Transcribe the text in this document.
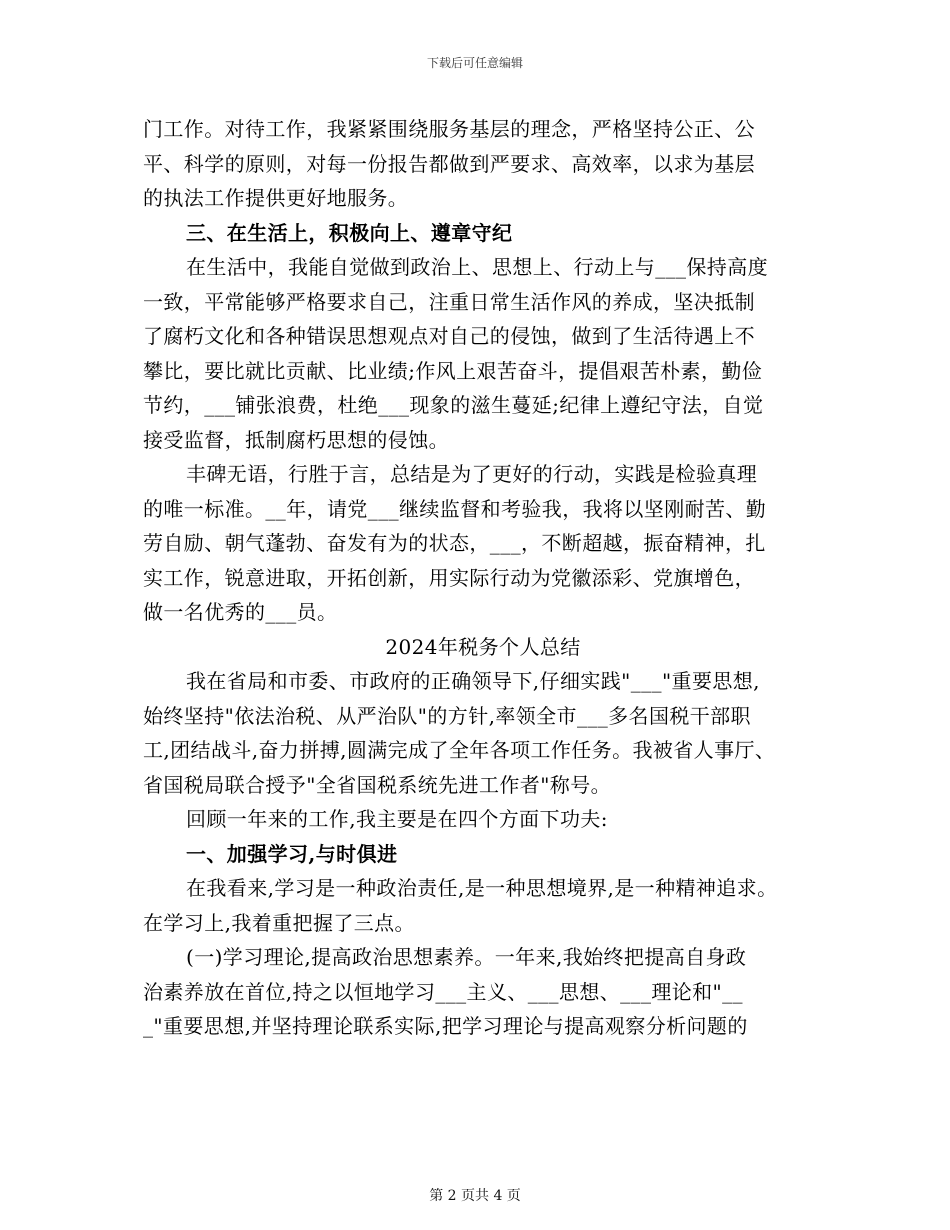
下载后可任意编辑
门工作。对待工作，我紧紧围绕服务基层的理念，严格坚持公正、公
平、科学的原则，对每一份报告都做到严要求、高效率，以求为基层
的执法工作提供更好地服务。
三、在生活上，积极向上、遵章守纪
在生活中，我能自觉做到政治上、思想上、行动上与___保持高度
一致，平常能够严格要求自己，注重日常生活作风的养成，坚决抵制
了腐朽文化和各种错误思想观点对自己的侵蚀，做到了生活待遇上不
攀比，要比就比贡献、比业绩;作风上艰苦奋斗，提倡艰苦朴素，勤俭
节约，___铺张浪费，杜绝___现象的滋生蔓延;纪律上遵纪守法，自觉
接受监督，抵制腐朽思想的侵蚀。
丰碑无语，行胜于言，总结是为了更好的行动，实践是检验真理
的唯一标准。__年，请党___继续监督和考验我，我将以坚刚耐苦、勤
劳自励、朝气蓬勃、奋发有为的状态，___，不断超越，振奋精神，扎
实工作，锐意进取，开拓创新，用实际行动为党徽添彩、党旗增色，
做一名优秀的___员。
2024年税务个人总结
我在省局和市委、市政府的正确领导下,仔细实践"___"重要思想,
始终坚持"依法治税、从严治队"的方针,率领全市___多名国税干部职
工,团结战斗,奋力拼搏,圆满完成了全年各项工作任务。我被省人事厅、
省国税局联合授予"全省国税系统先进工作者"称号。
回顾一年来的工作,我主要是在四个方面下功夫:
一、加强学习,与时俱进
在我看来,学习是一种政治责任,是一种思想境界,是一种精神追求。
在学习上,我着重把握了三点。
(一)学习理论,提高政治思想素养。一年来,我始终把提高自身政
治素养放在首位,持之以恒地学习___主义、___思想、___理论和"__
_"重要思想,并坚持理论联系实际,把学习理论与提高观察分析问题的
第 2 页共 4 页
